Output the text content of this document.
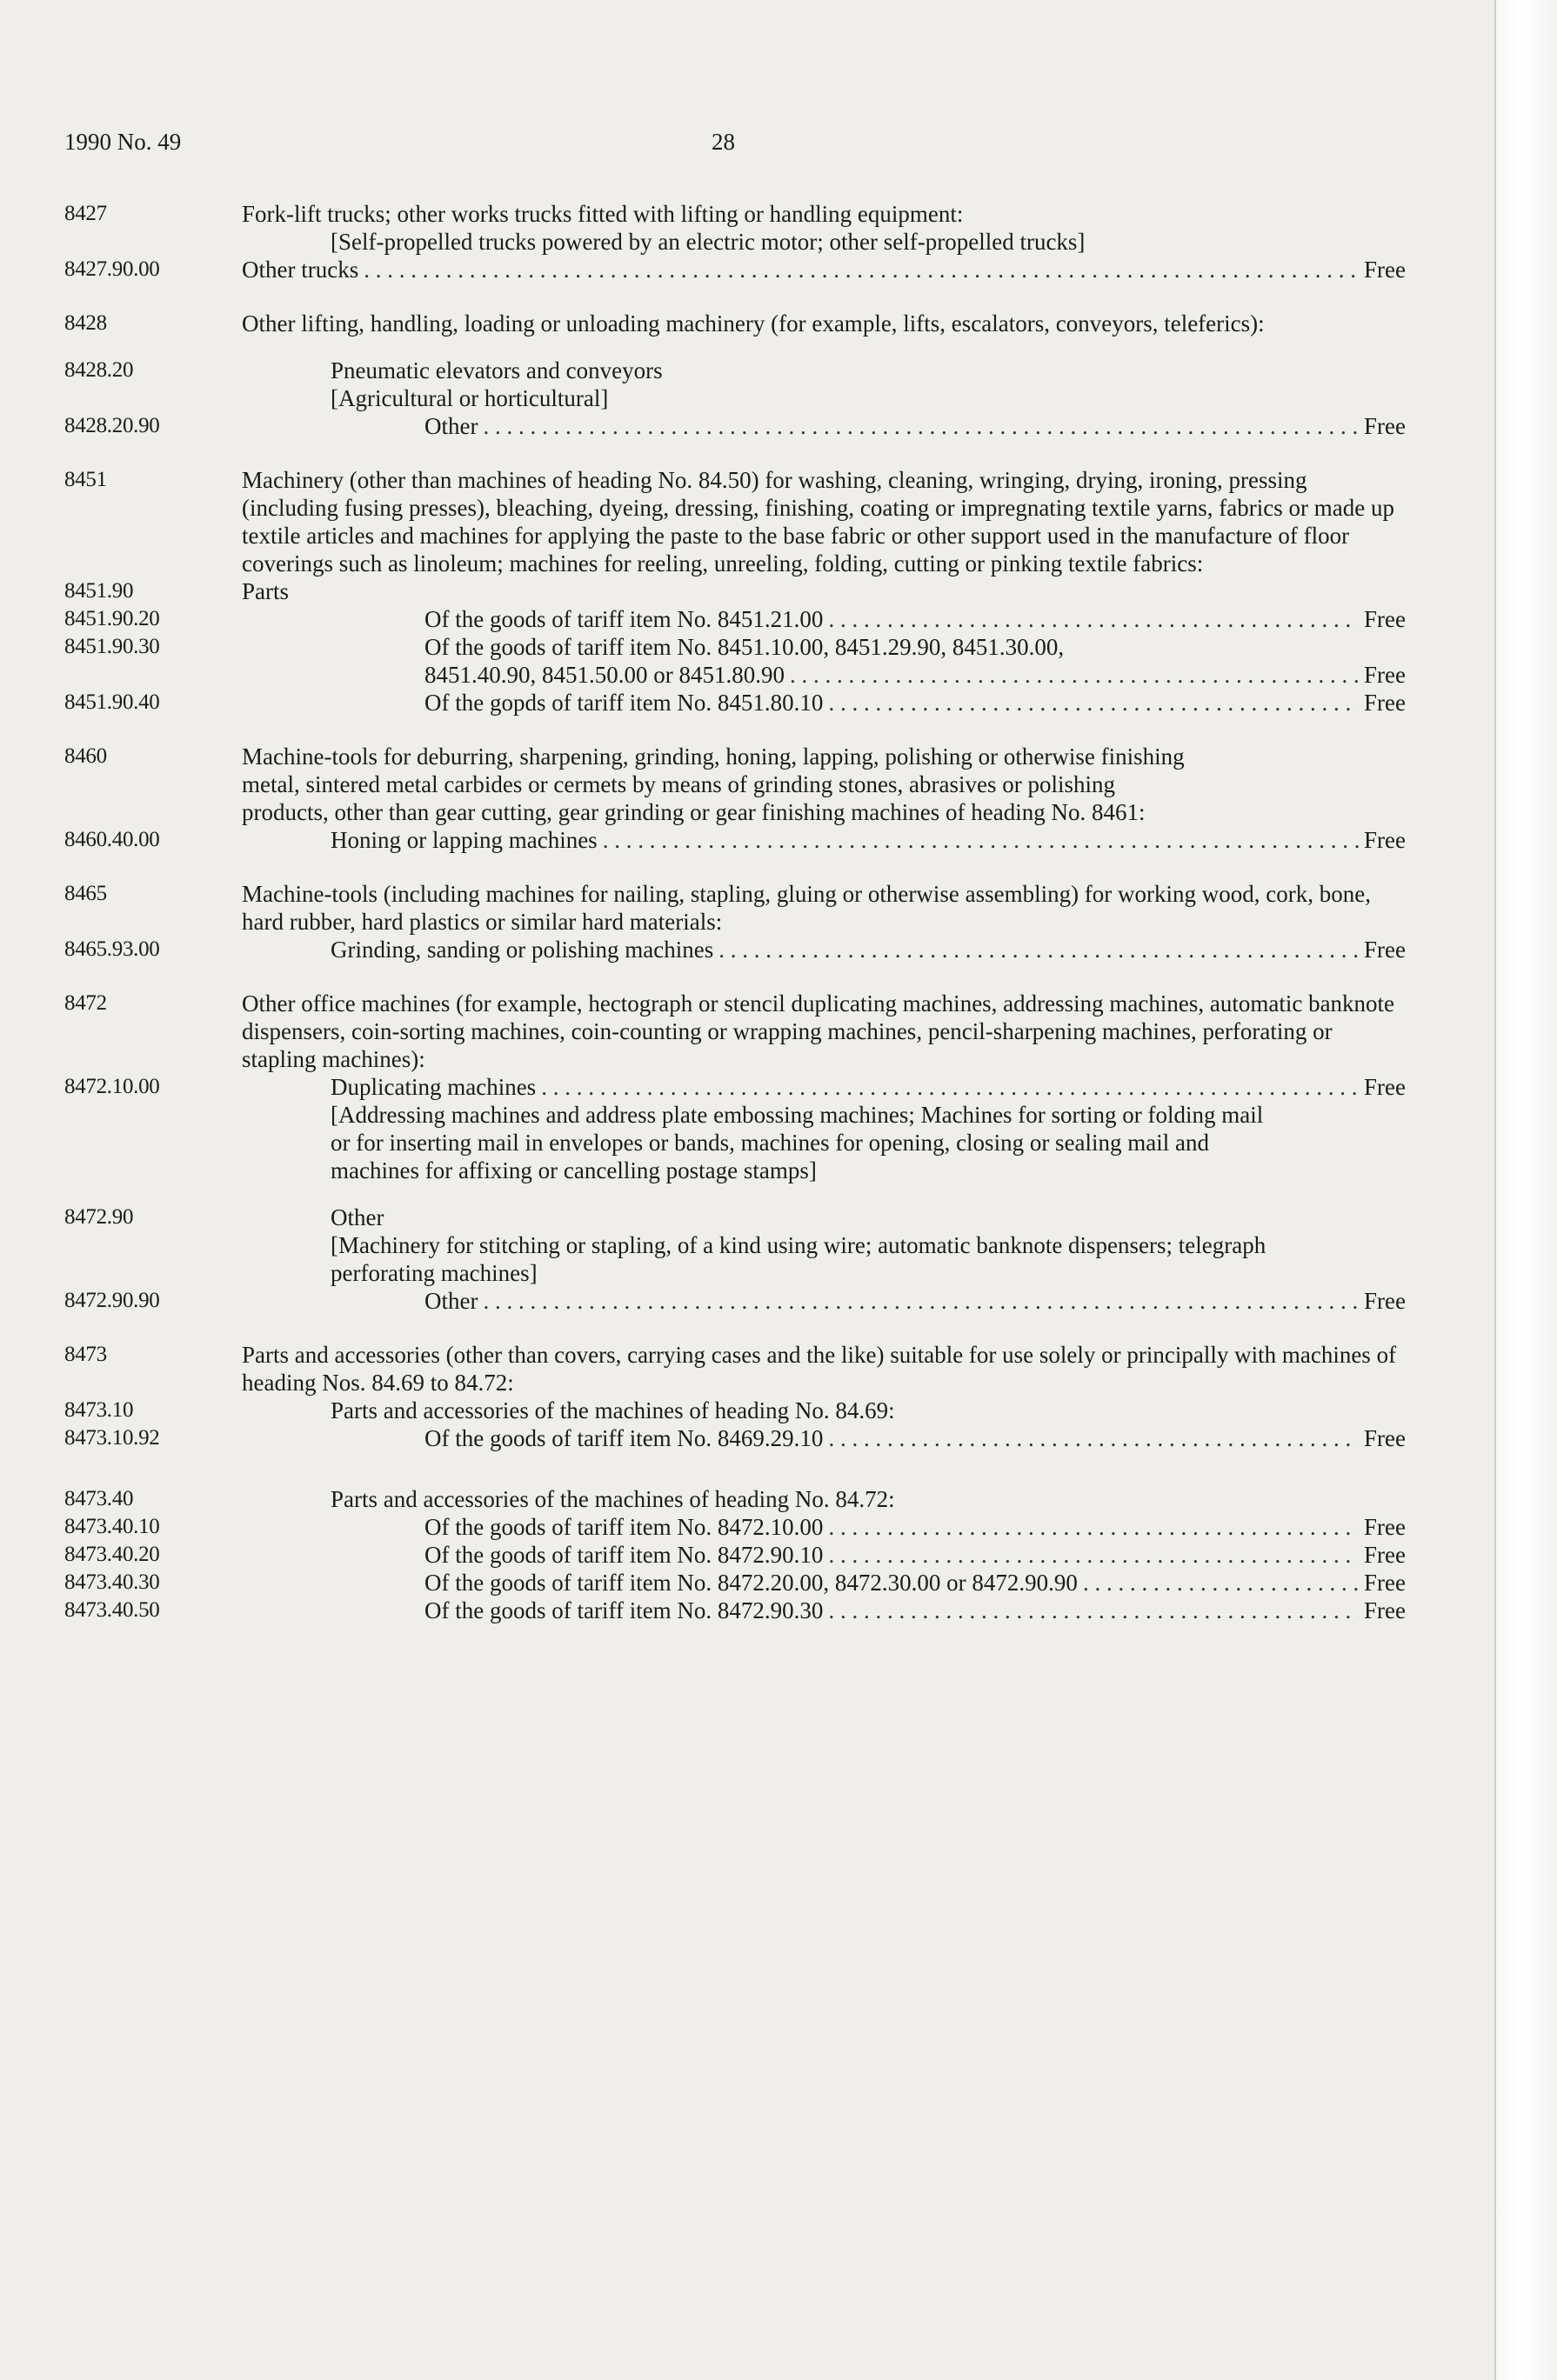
1990 No. 49	28
8427	Fork-lift trucks; other works trucks fitted with lifting or handling equipment:
[Self-propelled trucks powered by an electric motor; other self-propelled trucks]
8427.90.00	Other trucks . . .	Free
8428	Other lifting, handling, loading or unloading machinery (for example, lifts, escalators, conveyors, teleferics):
8428.20	Pneumatic elevators and conveyors
[Agricultural or horticultural]
8428.20.90	Other . . .	Free
8451	Machinery (other than machines of heading No. 84.50) for washing, cleaning, wringing, drying, ironing, pressing (including fusing presses), bleaching, dyeing, dressing, finishing, coating or impregnating textile yarns, fabrics or made up textile articles and machines for applying the paste to the base fabric or other support used in the manufacture of floor coverings such as linoleum; machines for reeling, unreeling, folding, cutting or pinking textile fabrics:
8451.90	Parts
8451.90.20	Of the goods of tariff item No. 8451.21.00 . . .	Free
8451.90.30	Of the goods of tariff item No. 8451.10.00, 8451.29.90, 8451.30.00,
8451.40.90, 8451.50.00 or 8451.80.90 . . .	Free
8451.90.40	Of the gopds of tariff item No. 8451.80.10 . . .	Free
8460	Machine-tools for deburring, sharpening, grinding, honing, lapping, polishing or otherwise finishing metal, sintered metal carbides or cermets by means of grinding stones, abrasives or polishing products, other than gear cutting, gear grinding or gear finishing machines of heading No. 8461:
8460.40.00	Honing or lapping machines . . .	Free
8465	Machine-tools (including machines for nailing, stapling, gluing or otherwise assembling) for working wood, cork, bone, hard rubber, hard plastics or similar hard materials:
8465.93.00	Grinding, sanding or polishing machines . . .	Free
8472	Other office machines (for example, hectograph or stencil duplicating machines, addressing machines, automatic banknote dispensers, coin-sorting machines, coin-counting or wrapping machines, pencil-sharpening machines, perforating or stapling machines):
8472.10.00	Duplicating machines . . .	Free
[Addressing machines and address plate embossing machines; Machines for sorting or folding mail or for inserting mail in envelopes or bands, machines for opening, closing or sealing mail and machines for affixing or cancelling postage stamps]
8472.90	Other
[Machinery for stitching or stapling, of a kind using wire; automatic banknote dispensers; telegraph perforating machines]
8472.90.90	Other . . .	Free
8473	Parts and accessories (other than covers, carrying cases and the like) suitable for use solely or principally with machines of heading Nos. 84.69 to 84.72:
8473.10	Parts and accessories of the machines of heading No. 84.69:
8473.10.92	Of the goods of tariff item No. 8469.29.10 . . .	Free
8473.40	Parts and accessories of the machines of heading No. 84.72:
8473.40.10	Of the goods of tariff item No. 8472.10.00 . . .	Free
8473.40.20	Of the goods of tariff item No. 8472.90.10 . . .	Free
8473.40.30	Of the goods of tariff item No. 8472.20.00, 8472.30.00 or 8472.90.90 . . .	Free
8473.40.50	Of the goods of tariff item No. 8472.90.30 . . .	Free
